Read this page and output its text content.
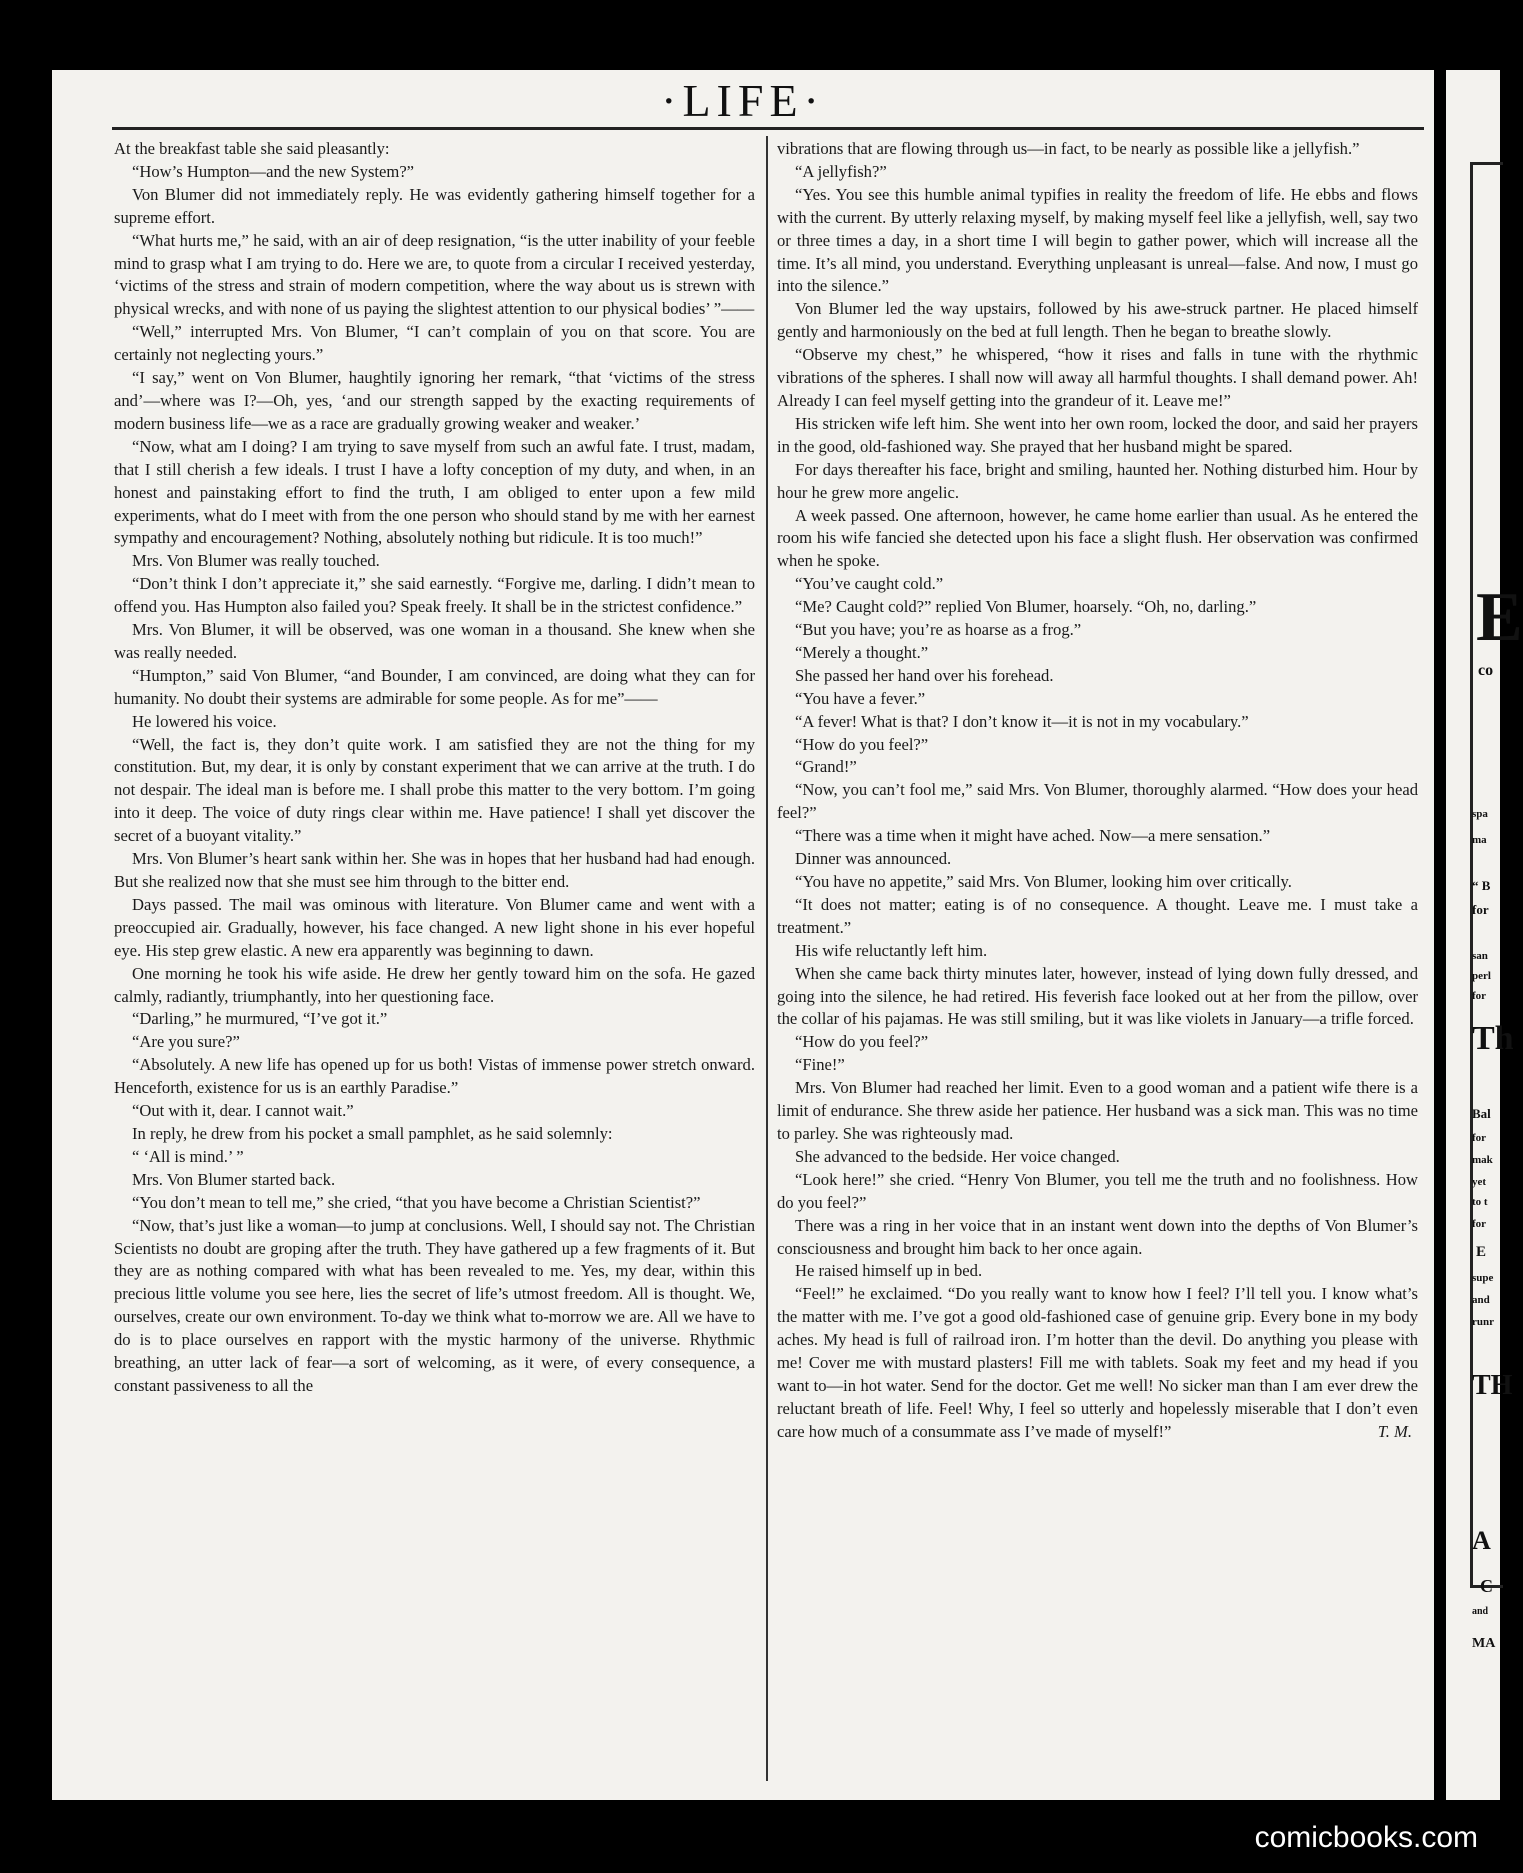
·LIFE·

At the breakfast table she said pleasantly:

“How’s Humpton—and the new System?”

Von Blumer did not immediately reply. He was evidently gathering himself together for a supreme effort.

“What hurts me,” he said, with an air of deep resignation, “is the utter inability of your feeble mind to grasp what I am trying to do. Here we are, to quote from a circular I received yesterday, ‘victims of the stress and strain of modern competition, where the way about us is strewn with physical wrecks, and with none of us paying the slightest attention to our physical bodies’ ”——

“Well,” interrupted Mrs. Von Blumer, “I can’t complain of you on that score. You are certainly not neglecting yours.”

“I say,” went on Von Blumer, haughtily ignoring her remark, “that ‘victims of the stress and’—where was I?—Oh, yes, ‘and our strength sapped by the exacting requirements of modern business life—we as a race are gradually growing weaker and weaker.’

“Now, what am I doing? I am trying to save myself from such an awful fate. I trust, madam, that I still cherish a few ideals. I trust I have a lofty conception of my duty, and when, in an honest and painstaking effort to find the truth, I am obliged to enter upon a few mild experiments, what do I meet with from the one person who should stand by me with her earnest sympathy and encouragement? Nothing, absolutely nothing but ridicule. It is too much!”

Mrs. Von Blumer was really touched.

“Don’t think I don’t appreciate it,” she said earnestly. “Forgive me, darling. I didn’t mean to offend you. Has Humpton also failed you? Speak freely. It shall be in the strictest confidence.”

Mrs. Von Blumer, it will be observed, was one woman in a thousand. She knew when she was really needed.

“Humpton,” said Von Blumer, “and Bounder, I am convinced, are doing what they can for humanity. No doubt their systems are admirable for some people. As for me”——

He lowered his voice.

“Well, the fact is, they don’t quite work. I am satisfied they are not the thing for my constitution. But, my dear, it is only by constant experiment that we can arrive at the truth. I do not despair. The ideal man is before me. I shall probe this matter to the very bottom. I’m going into it deep. The voice of duty rings clear within me. Have patience! I shall yet discover the secret of a buoyant vitality.”

Mrs. Von Blumer’s heart sank within her. She was in hopes that her husband had had enough. But she realized now that she must see him through to the bitter end.

Days passed. The mail was ominous with literature. Von Blumer came and went with a preoccupied air. Gradually, however, his face changed. A new light shone in his ever hopeful eye. His step grew elastic. A new era apparently was beginning to dawn.

One morning he took his wife aside. He drew her gently toward him on the sofa. He gazed calmly, radiantly, triumphantly, into her questioning face.

“Darling,” he murmured, “I’ve got it.”

“Are you sure?”

“Absolutely. A new life has opened up for us both! Vistas of immense power stretch onward. Henceforth, existence for us is an earthly Paradise.”

“Out with it, dear. I cannot wait.”

In reply, he drew from his pocket a small pamphlet, as he said solemnly:

“ ‘All is mind.’ ”

Mrs. Von Blumer started back.

“You don’t mean to tell me,” she cried, “that you have become a Christian Scientist?”

“Now, that’s just like a woman—to jump at conclusions. Well, I should say not. The Christian Scientists no doubt are groping after the truth. They have gathered up a few fragments of it. But they are as nothing compared with what has been revealed to me. Yes, my dear, within this precious little volume you see here, lies the secret of life’s utmost freedom. All is thought. We, ourselves, create our own environment. To-day we think what to-morrow we are. All we have to do is to place ourselves en rapport with the mystic harmony of the universe. Rhythmic breathing, an utter lack of fear—a sort of welcoming, as it were, of every consequence, a constant passiveness to all the

vibrations that are flowing through us—in fact, to be nearly as possible like a jellyfish.”

“A jellyfish?”

“Yes. You see this humble animal typifies in reality the freedom of life. He ebbs and flows with the current. By utterly relaxing myself, by making myself feel like a jellyfish, well, say two or three times a day, in a short time I will begin to gather power, which will increase all the time. It’s all mind, you understand. Everything unpleasant is unreal—false. And now, I must go into the silence.”

Von Blumer led the way upstairs, followed by his awe-struck partner. He placed himself gently and harmoniously on the bed at full length. Then he began to breathe slowly.

“Observe my chest,” he whispered, “how it rises and falls in tune with the rhythmic vibrations of the spheres. I shall now will away all harmful thoughts. I shall demand power. Ah! Already I can feel myself getting into the grandeur of it. Leave me!”

His stricken wife left him. She went into her own room, locked the door, and said her prayers in the good, old-fashioned way. She prayed that her husband might be spared.

For days thereafter his face, bright and smiling, haunted her. Nothing disturbed him. Hour by hour he grew more angelic.

A week passed. One afternoon, however, he came home earlier than usual. As he entered the room his wife fancied she detected upon his face a slight flush. Her observation was confirmed when he spoke.

“You’ve caught cold.”

“Me? Caught cold?” replied Von Blumer, hoarsely. “Oh, no, darling.”

“But you have; you’re as hoarse as a frog.”

“Merely a thought.”

She passed her hand over his forehead.

“You have a fever.”

“A fever! What is that? I don’t know it—it is not in my vocabulary.”

“How do you feel?”

“Grand!”

“Now, you can’t fool me,” said Mrs. Von Blumer, thoroughly alarmed. “How does your head feel?”

“There was a time when it might have ached. Now—a mere sensation.”

Dinner was announced.

“You have no appetite,” said Mrs. Von Blumer, looking him over critically.

“It does not matter; eating is of no consequence. A thought. Leave me. I must take a treatment.”

His wife reluctantly left him.

When she came back thirty minutes later, however, instead of lying down fully dressed, and going into the silence, he had retired. His feverish face looked out at her from the pillow, over the collar of his pajamas. He was still smiling, but it was like violets in January—a trifle forced.

“How do you feel?”

“Fine!”

Mrs. Von Blumer had reached her limit. Even to a good woman and a patient wife there is a limit of endurance. She threw aside her patience. Her husband was a sick man. This was no time to parley. She was righteously mad.

She advanced to the bedside. Her voice changed.

“Look here!” she cried. “Henry Von Blumer, you tell me the truth and no foolishness. How do you feel?”

There was a ring in her voice that in an instant went down into the depths of Von Blumer’s consciousness and brought him back to her once again.

He raised himself up in bed.

“Feel!” he exclaimed. “Do you really want to know how I feel? I’ll tell you. I know what’s the matter with me. I’ve got a good old-fashioned case of genuine grip. Every bone in my body aches. My head is full of railroad iron. I’m hotter than the devil. Do anything you please with me! Cover me with mustard plasters! Fill me with tablets. Soak my feet and my head if you want to—in hot water. Send for the doctor. Get me well! No sicker man than I am ever drew the reluctant breath of life. Feel! Why, I feel so utterly and hopelessly miserable that I don’t even care how much of a consummate ass I’ve made of myself!”	T. M.
E
co
spa
ma
“ B
for
san
perl
for
Th
Bal
for
mak
yet
to t
for
E
supe
and
runr
TH
A
C
and
MA
comicbooks.com
